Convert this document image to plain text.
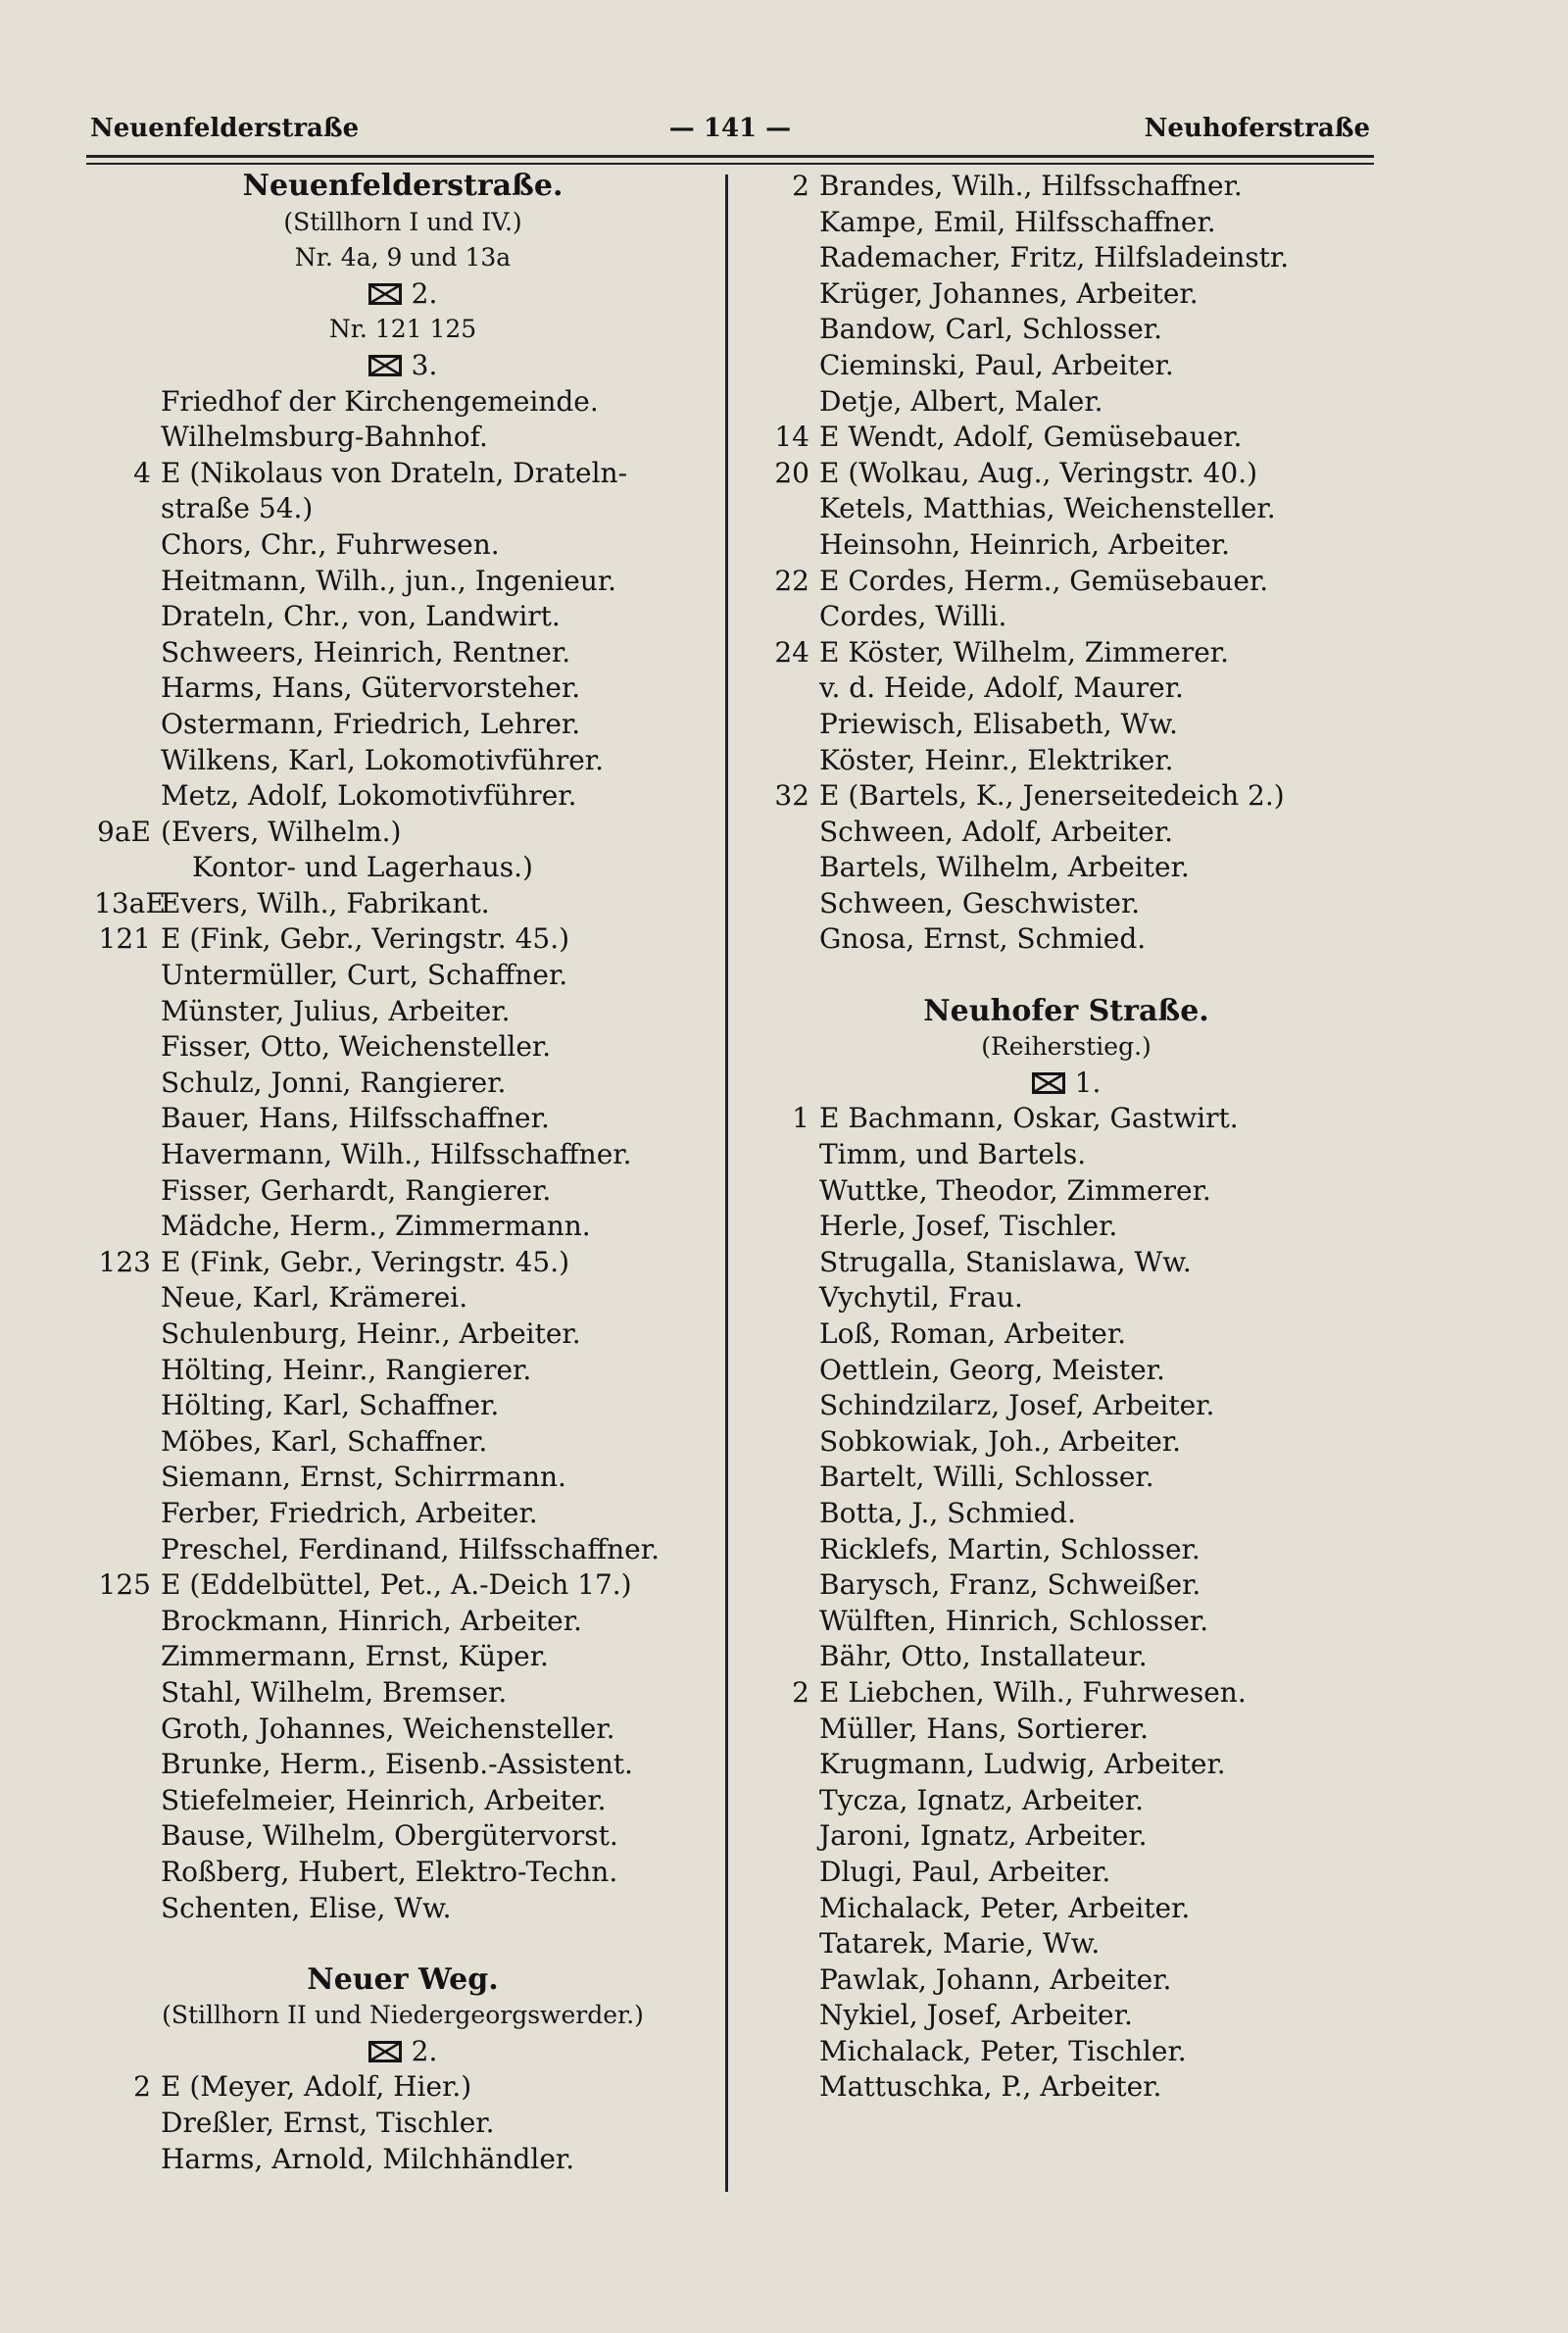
Neuenfelderstraße	— 141 —	Neuhoferstraße
Neuenfelderstraße.
(Stillhorn I und IV.)
Nr. 4a, 9 und 13a
2.
Nr. 121 125
3.
Friedhof der Kirchengemeinde.
Wilhelmsburg-Bahnhof.
4 E (Nikolaus von Drateln, Drateln-
straße 54.)
Chors, Chr., Fuhrwesen.
Heitmann, Wilh., jun., Ingenieur.
Drateln, Chr., von, Landwirt.
Schweers, Heinrich, Rentner.
Harms, Hans, Gütervorsteher.
Ostermann, Friedrich, Lehrer.
Wilkens, Karl, Lokomotivführer.
Metz, Adolf, Lokomotivführer.
9aE (Evers, Wilhelm.)
Kontor- und Lagerhaus.)
13aEEvers, Wilh., Fabrikant.
121 E (Fink, Gebr., Veringstr. 45.)
Untermüller, Curt, Schaffner.
Münster, Julius, Arbeiter.
Fisser, Otto, Weichensteller.
Schulz, Jonni, Rangierer.
Bauer, Hans, Hilfsschaffner.
Havermann, Wilh., Hilfsschaffner.
Fisser, Gerhardt, Rangierer.
Mädche, Herm., Zimmermann.
123 E (Fink, Gebr., Veringstr. 45.)
Neue, Karl, Krämerei.
Schulenburg, Heinr., Arbeiter.
Hölting, Heinr., Rangierer.
Hölting, Karl, Schaffner.
Möbes, Karl, Schaffner.
Siemann, Ernst, Schirrmann.
Ferber, Friedrich, Arbeiter.
Preschel, Ferdinand, Hilfsschaffner.
125 E (Eddelbüttel, Pet., A.-Deich 17.)
Brockmann, Hinrich, Arbeiter.
Zimmermann, Ernst, Küper.
Stahl, Wilhelm, Bremser.
Groth, Johannes, Weichensteller.
Brunke, Herm., Eisenb.-Assistent.
Stiefelmeier, Heinrich, Arbeiter.
Bause, Wilhelm, Obergütervorst.
Roßberg, Hubert, Elektro-Techn.
Schenten, Elise, Ww.
Neuer Weg.
(Stillhorn II und Niedergeorgswerder.)
2.
2 E (Meyer, Adolf, Hier.)
Dreßler, Ernst, Tischler.
Harms, Arnold, Milchhändler.
2 Brandes, Wilh., Hilfsschaffner.
Kampe, Emil, Hilfsschaffner.
Rademacher, Fritz, Hilfsladeinstr.
Krüger, Johannes, Arbeiter.
Bandow, Carl, Schlosser.
Cieminski, Paul, Arbeiter.
Detje, Albert, Maler.
14 E Wendt, Adolf, Gemüsebauer.
20 E (Wolkau, Aug., Veringstr. 40.)
Ketels, Matthias, Weichensteller.
Heinsohn, Heinrich, Arbeiter.
22 E Cordes, Herm., Gemüsebauer.
Cordes, Willi.
24 E Köster, Wilhelm, Zimmerer.
v. d. Heide, Adolf, Maurer.
Priewisch, Elisabeth, Ww.
Köster, Heinr., Elektriker.
32 E (Bartels, K., Jenerseitedeich 2.)
Schween, Adolf, Arbeiter.
Bartels, Wilhelm, Arbeiter.
Schween, Geschwister.
Gnosa, Ernst, Schmied.
Neuhofer Straße.
(Reiherstieg.)
1.
1 E Bachmann, Oskar, Gastwirt.
Timm, und Bartels.
Wuttke, Theodor, Zimmerer.
Herle, Josef, Tischler.
Strugalla, Stanislawa, Ww.
Vychytil, Frau.
Loß, Roman, Arbeiter.
Oettlein, Georg, Meister.
Schindzilarz, Josef, Arbeiter.
Sobkowiak, Joh., Arbeiter.
Bartelt, Willi, Schlosser.
Botta, J., Schmied.
Ricklefs, Martin, Schlosser.
Barysch, Franz, Schweißer.
Wülften, Hinrich, Schlosser.
Bähr, Otto, Installateur.
2 E Liebchen, Wilh., Fuhrwesen.
Müller, Hans, Sortierer.
Krugmann, Ludwig, Arbeiter.
Tycza, Ignatz, Arbeiter.
Jaroni, Ignatz, Arbeiter.
Dlugi, Paul, Arbeiter.
Michalack, Peter, Arbeiter.
Tatarek, Marie, Ww.
Pawlak, Johann, Arbeiter.
Nykiel, Josef, Arbeiter.
Michalack, Peter, Tischler.
Mattuschka, P., Arbeiter.
